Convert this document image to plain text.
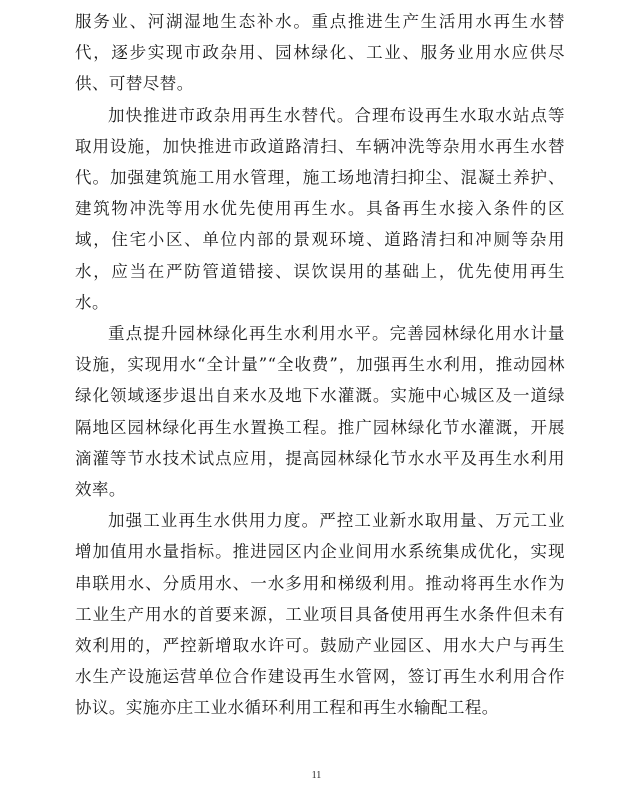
服务业、河湖湿地生态补水。重点推进生产生活用水再生水替代，逐步实现市政杂用、园林绿化、工业、服务业用水应供尽供、可替尽替。

加快推进市政杂用再生水替代。合理布设再生水取水站点等取用设施，加快推进市政道路清扫、车辆冲洗等杂用水再生水替代。加强建筑施工用水管理，施工场地清扫抑尘、混凝土养护、建筑物冲洗等用水优先使用再生水。具备再生水接入条件的区域，住宅小区、单位内部的景观环境、道路清扫和冲厕等杂用水，应当在严防管道错接、误饮误用的基础上，优先使用再生水。

重点提升园林绿化再生水利用水平。完善园林绿化用水计量设施，实现用水“全计量”“全收费”，加强再生水利用，推动园林绿化领域逐步退出自来水及地下水灌溉。实施中心城区及一道绿隔地区园林绿化再生水置换工程。推广园林绿化节水灌溉，开展滴灌等节水技术试点应用，提高园林绿化节水水平及再生水利用效率。

加强工业再生水供用力度。严控工业新水取用量、万元工业增加值用水量指标。推进园区内企业间用水系统集成优化，实现串联用水、分质用水、一水多用和梯级利用。推动将再生水作为工业生产用水的首要来源，工业项目具备使用再生水条件但未有效利用的，严控新增取水许可。鼓励产业园区、用水大户与再生水生产设施运营单位合作建设再生水管网，签订再生水利用合作协议。实施亦庄工业水循环利用工程和再生水输配工程。

11
